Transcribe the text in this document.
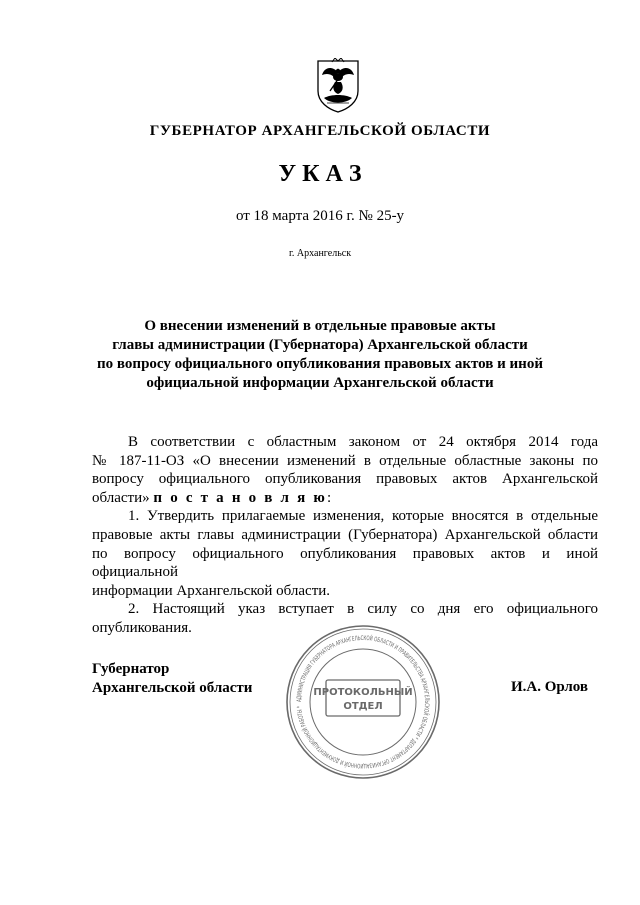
ГУБЕРНАТОР АРХАНГЕЛЬСКОЙ ОБЛАСТИ
У К А З
от 18 марта 2016 г. № 25-у
г. Архангельск
О внесении изменений в отдельные правовые акты
главы администрации (Губернатора) Архангельской области
по вопросу официального опубликования правовых актов и иной
официальной информации Архангельской области
В соответствии с областным законом от 24 октября 2014 года
№ 187-11-ОЗ «О внесении изменений в отдельные областные законы по
вопросу официального опубликования правовых актов Архангельской
области» п о с т а н о в л я ю:
1. Утвердить прилагаемые изменения, которые вносятся в отдельные
правовые акты главы администрации (Губернатора) Архангельской области
по вопросу официального опубликования правовых актов и иной официальной
информации Архангельской области.
2. Настоящий указ вступает в силу со дня его официального
опубликования.
Губернатор
Архангельской области	И.А. Орлов
АДМИНИСТРАЦИЯ ГУБЕРНАТОРА АРХАНГЕЛЬСКОЙ ОБЛАСТИ И ПРАВИТЕЛЬСТВА АРХАНГЕЛЬСКОЙ ОБЛАСТИ * ДЕПАРТАМЕНТ ОРГАНИЗАЦИОННОЙ И ДОКУМЕНТАЦИОННОЙ РАБОТЫ *
ПРОТОКОЛЬНЫЙ
ОТДЕЛ
